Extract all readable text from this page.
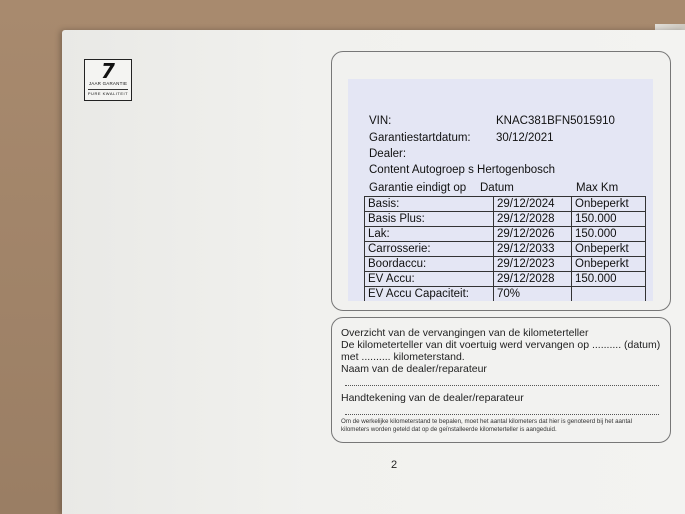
7
JAAR GARANTIE
PURE KWALITEIT
VIN:	KNAC381BFN5015910
Garantiestartdatum: 30/12/2021
Dealer:
Content Autogroep s Hertogenbosch
Garantie eindigt op Datum	Max Km
Basis:	29/12/2024	Onbeperkt
Basis Plus:	29/12/2028	150.000
Lak:	29/12/2026	150.000
Carrosserie:	29/12/2033	Onbeperkt
Boordaccu:	29/12/2023	Onbeperkt
EV Accu:	29/12/2028	150.000
EV Accu Capaciteit:	70%	
Overzicht van de vervangingen van de kilometerteller
De kilometerteller van dit voertuig werd vervangen op .......... (datum)
met .......... kilometerstand.
Naam van de dealer/reparateur
Handtekening van de dealer/reparateur
Om de werkelijke kilometerstand te bepalen, moet het aantal kilometers dat hier is genoteerd bij het aantal
kilometers worden geteld dat op de geïnstalleerde kilometerteller is aangeduid.
2
